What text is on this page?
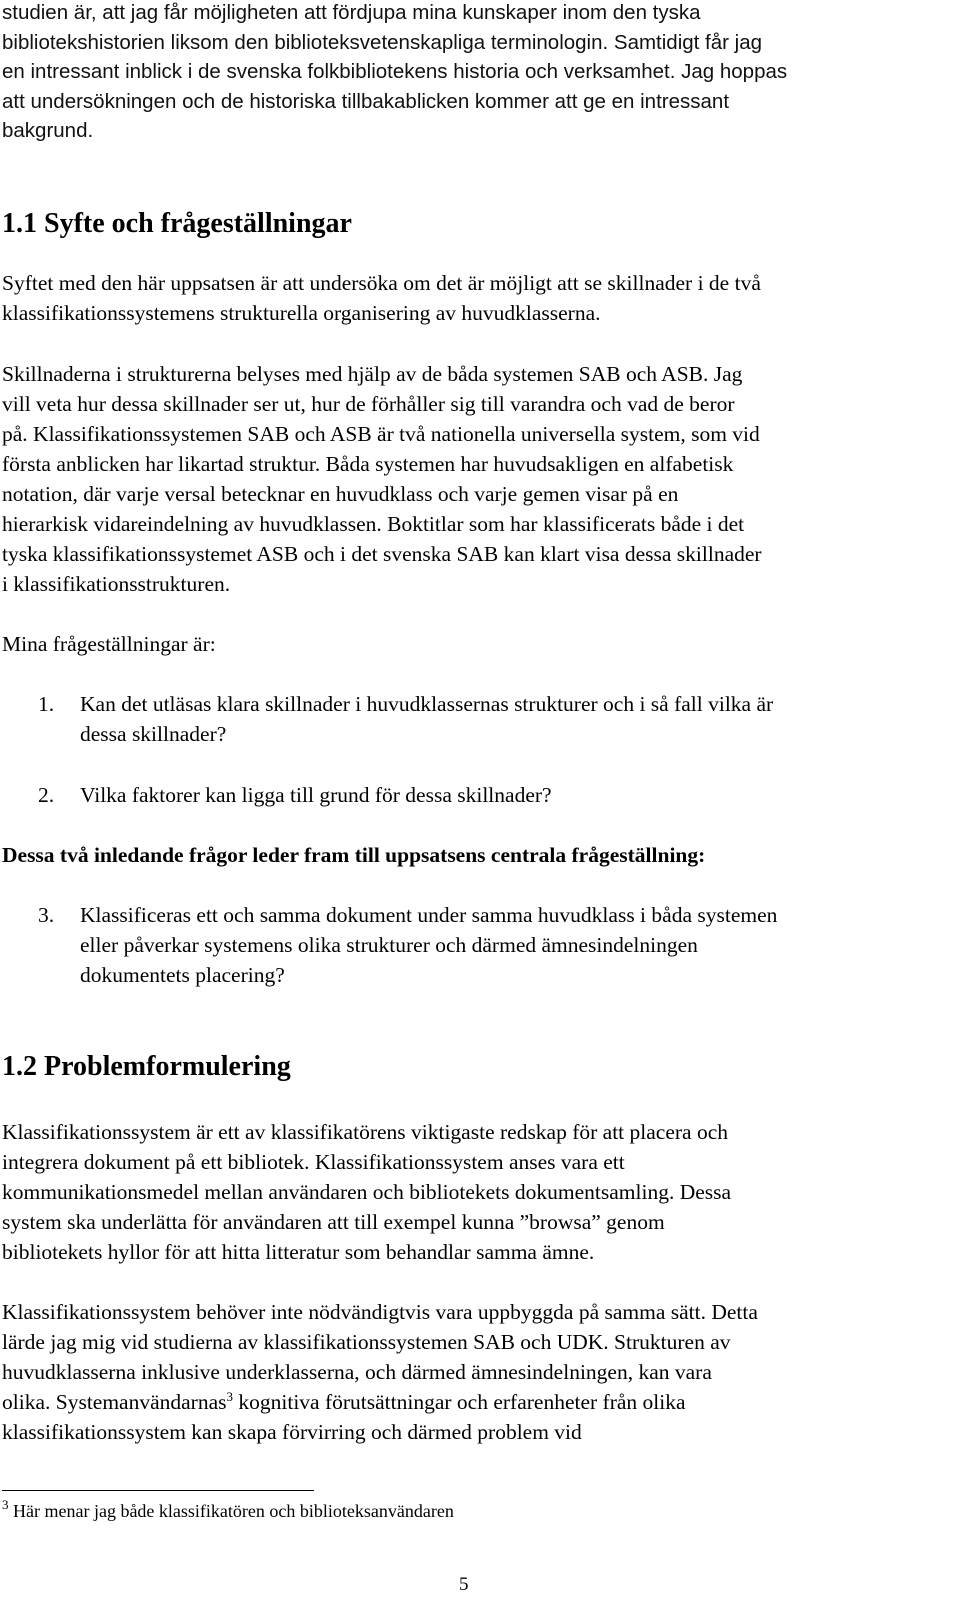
studien är, att jag får möjligheten att fördjupa mina kunskaper inom den tyska
bibliotekshistorien liksom den biblioteksvetenskapliga terminologin. Samtidigt får jag
en intressant inblick i de svenska folkbibliotekens historia och verksamhet. Jag hoppas
att undersökningen och de historiska tillbakablicken kommer att ge en intressant
bakgrund.
1.1 Syfte och frågeställningar
Syftet med den här uppsatsen är att undersöka om det är möjligt att se skillnader i de två
klassifikationssystemens strukturella organisering av huvudklasserna.
Skillnaderna i strukturerna belyses med hjälp av de båda systemen SAB och ASB. Jag
vill veta hur dessa skillnader ser ut, hur de förhåller sig till varandra och vad de beror
på. Klassifikationssystemen SAB och ASB är två nationella universella system, som vid
första anblicken har likartad struktur. Båda systemen har huvudsakligen en alfabetisk
notation, där varje versal betecknar en huvudklass och varje gemen visar på en
hierarkisk vidareindelning av huvudklassen. Boktitlar som har klassificerats både i det
tyska klassifikationssystemet ASB och i det svenska SAB kan klart visa dessa skillnader
i klassifikationsstrukturen.
Mina frågeställningar är:
1.	Kan det utläsas klara skillnader i huvudklassernas strukturer och i så fall vilka är
dessa skillnader?
2.	Vilka faktorer kan ligga till grund för dessa skillnader?
Dessa två inledande frågor leder fram till uppsatsens centrala frågeställning:
3.	Klassificeras ett och samma dokument under samma huvudklass i båda systemen
eller påverkar systemens olika strukturer och därmed ämnesindelningen
dokumentets placering?
1.2 Problemformulering
Klassifikationssystem är ett av klassifikatörens viktigaste redskap för att placera och
integrera dokument på ett bibliotek. Klassifikationssystem anses vara ett
kommunikationsmedel mellan användaren och bibliotekets dokumentsamling. Dessa
system ska underlätta för användaren att till exempel kunna ”browsa” genom
bibliotekets hyllor för att hitta litteratur som behandlar samma ämne.
Klassifikationssystem behöver inte nödvändigtvis vara uppbyggda på samma sätt. Detta
lärde jag mig vid studierna av klassifikationssystemen SAB och UDK. Strukturen av
huvudklasserna inklusive underklasserna, och därmed ämnesindelningen, kan vara
olika. Systemanvändarnas$^3$ kognitiva förutsättningar och erfarenheter från olika
klassifikationssystem kan skapa förvirring och därmed problem vid
$^3$ Här menar jag både klassifikatören och biblioteksanvändaren
5
